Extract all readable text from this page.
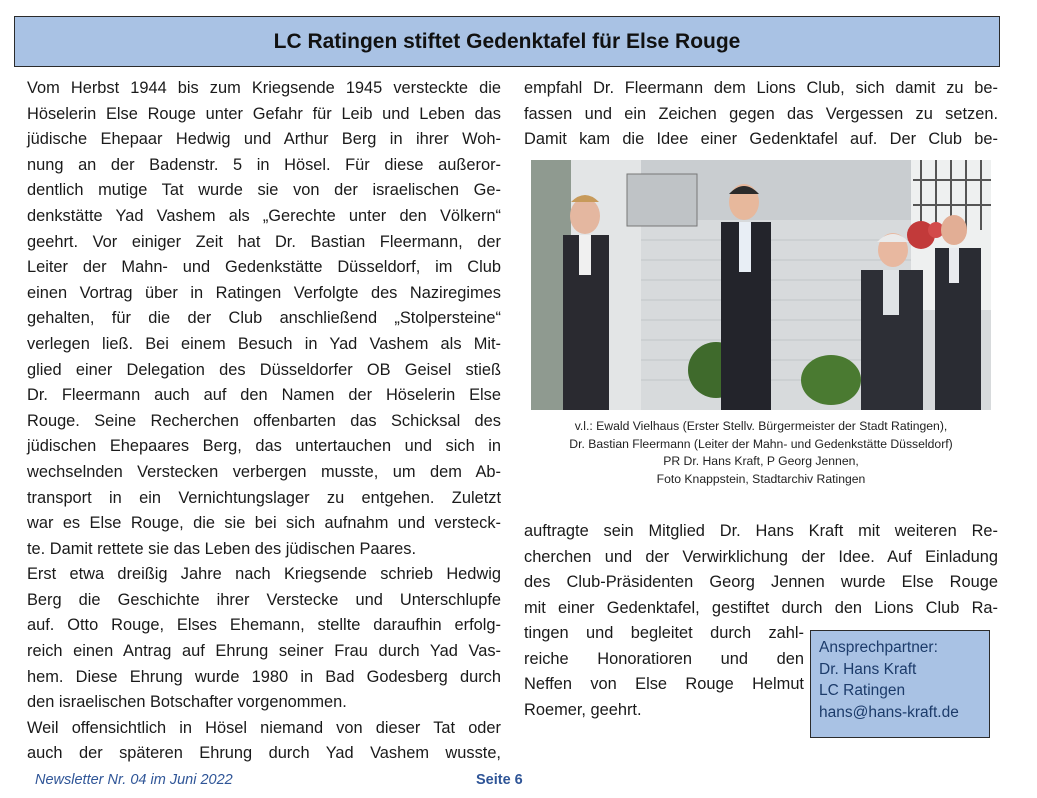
LC Ratingen stiftet Gedenktafel für Else Rouge
Vom Herbst 1944 bis zum Kriegsende 1945 versteckte die
Höselerin Else Rouge unter Gefahr für Leib und Leben das
jüdische Ehepaar Hedwig und Arthur Berg in ihrer Woh-
nung an der Badenstr. 5 in Hösel. Für diese außeror-
dentlich mutige Tat wurde sie von der israelischen Ge-
denkstätte Yad Vashem als „Gerechte unter den Völkern“
geehrt. Vor einiger Zeit hat Dr. Bastian Fleermann, der
Leiter der Mahn- und Gedenkstätte Düsseldorf, im Club
einen Vortrag über in Ratingen Verfolgte des Naziregimes
gehalten, für die der Club anschließend „Stolpersteine“
verlegen ließ. Bei einem Besuch in Yad Vashem als Mit-
glied einer Delegation des Düsseldorfer OB Geisel stieß
Dr. Fleermann auch auf den Namen der Höselerin Else
Rouge. Seine Recherchen offenbarten das Schicksal des
jüdischen Ehepaares Berg, das untertauchen und sich in
wechselnden Verstecken verbergen musste, um dem Ab-
transport in ein Vernichtungslager zu entgehen. Zuletzt
war es Else Rouge, die sie bei sich aufnahm und versteck-
te. Damit rettete sie das Leben des jüdischen Paares.
Erst etwa dreißig Jahre nach Kriegsende schrieb Hedwig
Berg die Geschichte ihrer Verstecke und Unterschlupfe
auf. Otto Rouge, Elses Ehemann, stellte daraufhin erfolg-
reich einen Antrag auf Ehrung seiner Frau durch Yad Vas-
hem. Diese Ehrung wurde 1980 in Bad Godesberg durch
den israelischen Botschafter vorgenommen.
Weil offensichtlich in Hösel niemand von dieser Tat oder
auch der späteren Ehrung durch Yad Vashem wusste,
empfahl Dr. Fleermann dem Lions Club, sich damit zu be-
fassen und ein Zeichen gegen das Vergessen zu setzen.
Damit kam die Idee einer Gedenktafel auf. Der Club be-
v.l.: Ewald Vielhaus (Erster Stellv. Bürgermeister der Stadt Ratingen),
Dr. Bastian Fleermann (Leiter der Mahn- und Gedenkstätte Düsseldorf)
PR Dr. Hans Kraft, P Georg Jennen,
Foto Knappstein, Stadtarchiv Ratingen
auftragte sein Mitglied Dr. Hans Kraft mit weiteren Re-
cherchen und der Verwirklichung der Idee. Auf Einladung
des Club-Präsidenten Georg Jennen wurde Else Rouge
mit einer Gedenktafel, gestiftet durch den Lions Club Ra-
tingen und begleitet durch zahl-
reiche Honoratioren und den
Neffen von Else Rouge Helmut
Roemer, geehrt.
Ansprechpartner:
Dr. Hans Kraft
LC Ratingen
hans@hans-kraft.de
Newsletter Nr. 04 im Juni 2022	Seite 6
